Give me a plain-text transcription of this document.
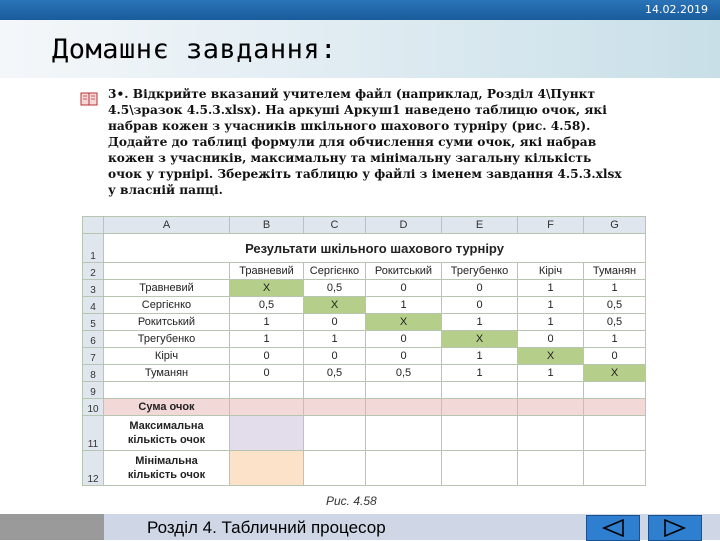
14.02.2019
Домашнє завдання:
3•. Відкрийте вказаний учителем файл (наприклад, Розділ 4\Пункт 4.5\зразок 4.5.3.xlsx). На аркуші Аркуш1 наведено таблицю очок, які набрав кожен з учасників шкільного шахового турніру (рис. 4.58). Додайте до таблиці формули для обчислення суми очок, які набрав кожен з учасників, максимальну та мінімальну загальну кількість очок у турнірі. Збережіть таблицю у файлі з іменем завдання 4.5.3.xlsx у власній папці.
	A	B	C	D	E	F	G
1	Результати шкільного шахового турніру						
2		Травневий	Сергієнко	Рокитський	Трегубенко	Кіріч	Туманян
3	Травневий	X	0,5	0	0	1	1
4	Сергієнко	0,5	X	1	0	1	0,5
5	Рокитський	1	0	X	1	1	0,5
6	Трегубенко	1	1	0	X	0	1
7	Кіріч	0	0	0	1	X	0
8	Туманян	0	0,5	0,5	1	1	X
9							
10	Сума очок						
11	Максимальна
кількість очок						

12	Мінімальна
кількість очок						

Рис. 4.58
Розділ 4. Табличний процесор
